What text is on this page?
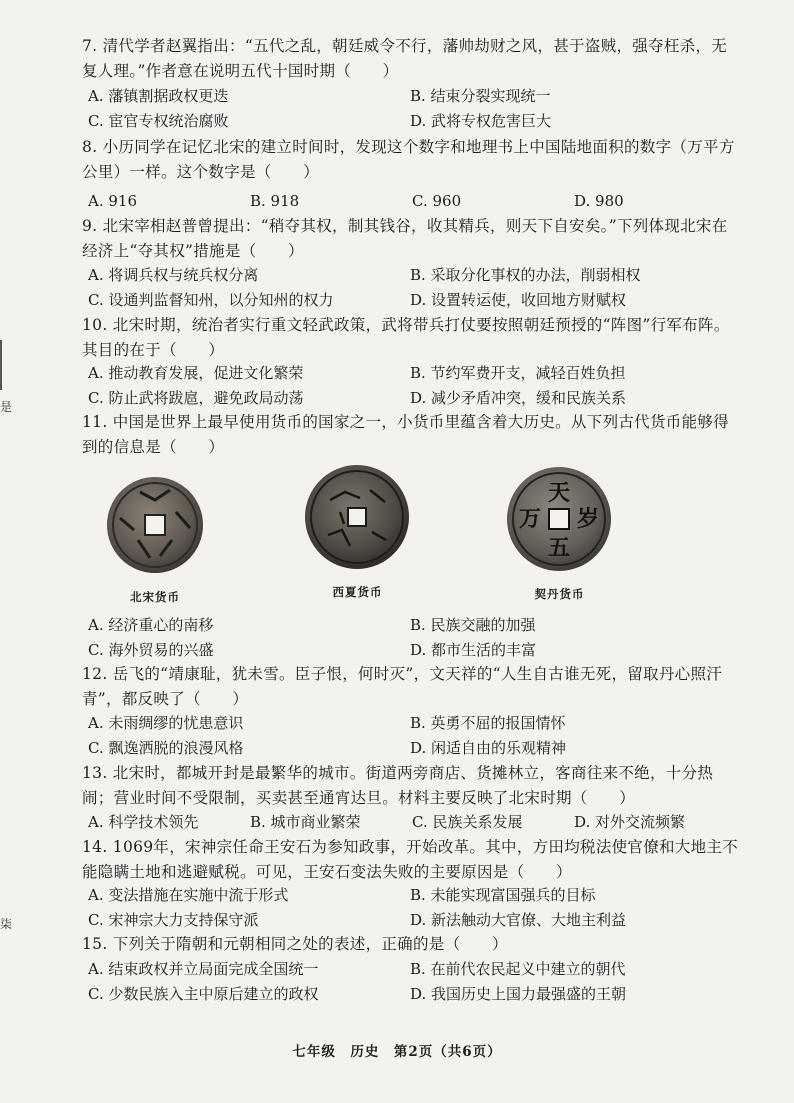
是
柒
7. 清代学者赵翼指出：“五代之乱，朝廷威令不行，藩帅劫财之风，甚于盗贼，强夺枉杀，无复人理。”作者意在说明五代十国时期（　　）
A. 藩镇割据政权更迭	B. 结束分裂实现统一
C. 宦官专权统治腐败	D. 武将专权危害巨大
8. 小历同学在记忆北宋的建立时间时，发现这个数字和地理书上中国陆地面积的数字（万平方公里）一样。这个数字是（　　）
A. 916	B. 918	C. 960	D. 980
9. 北宋宰相赵普曾提出：“稍夺其权，制其钱谷，收其精兵，则天下自安矣。”下列体现北宋在经济上“夺其权”措施是（　　）
A. 将调兵权与统兵权分离	B. 采取分化事权的办法，削弱相权
C. 设通判监督知州，以分知州的权力	D. 设置转运使，收回地方财赋权
10. 北宋时期，统治者实行重文轻武政策，武将带兵打仗要按照朝廷预授的“阵图”行军布阵。其目的在于（　　）
A. 推动教育发展，促进文化繁荣	B. 节约军费开支，减轻百姓负担
C. 防止武将跋扈，避免政局动荡	D. 减少矛盾冲突，缓和民族关系
11. 中国是世界上最早使用货币的国家之一，小货币里蕴含着大历史。从下列古代货币能够得到的信息是（　　）
北宋货币	西夏货币
天
万 岁
五
契丹货币
A. 经济重心的南移	B. 民族交融的加强
C. 海外贸易的兴盛	D. 都市生活的丰富
12. 岳飞的“靖康耻，犹未雪。臣子恨，何时灭”，文天祥的“人生自古谁无死，留取丹心照汗青”，都反映了（　　）
A. 未雨绸缪的忧患意识	B. 英勇不屈的报国情怀
C. 飘逸洒脱的浪漫风格	D. 闲适自由的乐观精神
13. 北宋时，都城开封是最繁华的城市。街道两旁商店、货摊林立，客商往来不绝，十分热闹；营业时间不受限制，买卖甚至通宵达旦。材料主要反映了北宋时期（　　）
A. 科学技术领先	B. 城市商业繁荣	C. 民族关系发展	D. 对外交流频繁
14. 1069年，宋神宗任命王安石为参知政事，开始改革。其中，方田均税法使官僚和大地主不能隐瞒土地和逃避赋税。可见，王安石变法失败的主要原因是（　　）
A. 变法措施在实施中流于形式	B. 未能实现富国强兵的目标
C. 宋神宗大力支持保守派	D. 新法触动大官僚、大地主利益
15. 下列关于隋朝和元朝相同之处的表述，正确的是（　　）
A. 结束政权并立局面完成全国统一	B. 在前代农民起义中建立的朝代
C. 少数民族入主中原后建立的政权	D. 我国历史上国力最强盛的王朝
七年级　历史　第2页（共6页）
